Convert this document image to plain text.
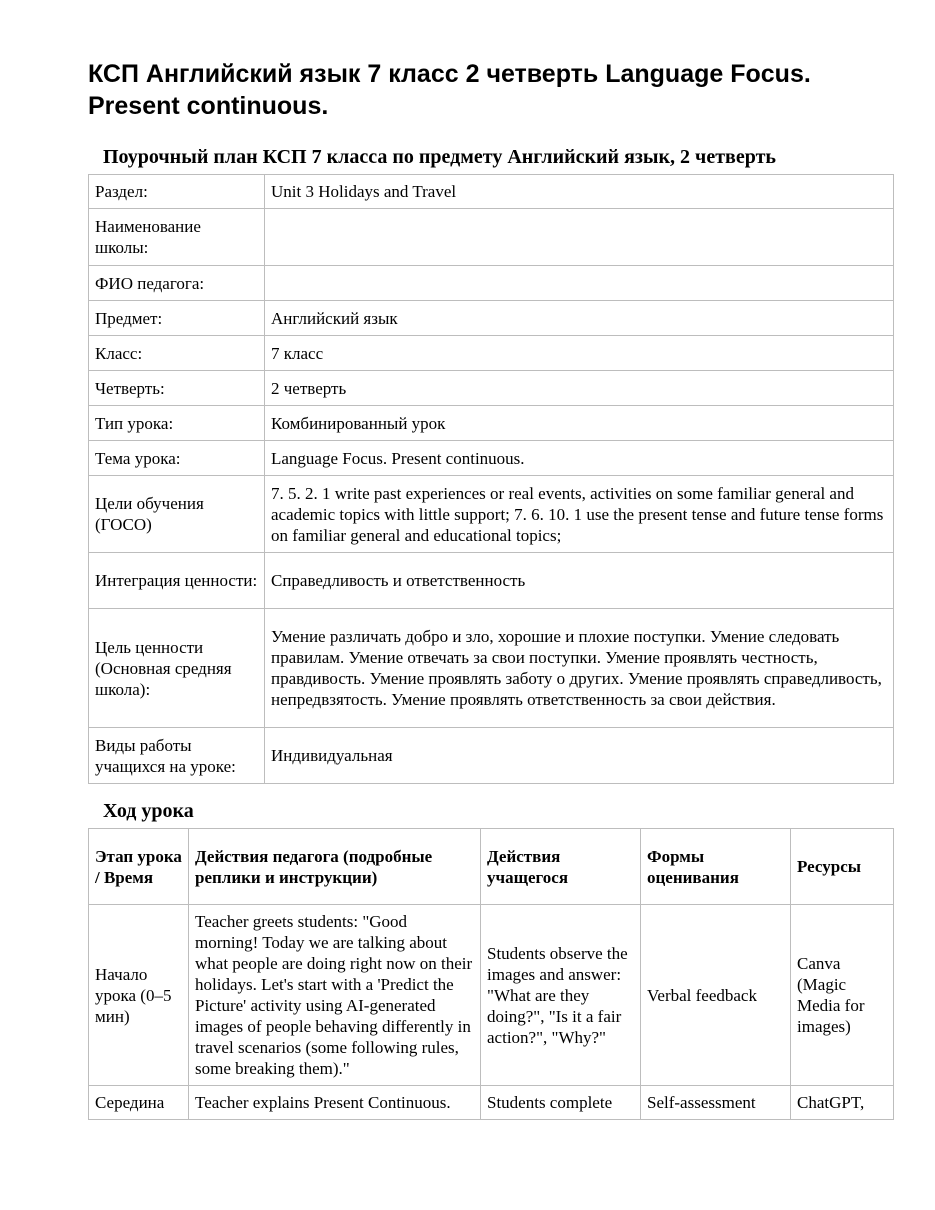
КСП Английский язык 7 класс 2 четверть Language Focus. Present continuous.
Поурочный план КСП 7 класса по предмету Английский язык, 2 четверть
Раздел:	Unit 3 Holidays and Travel
Наименование школы:	
ФИО педагога:	
Предмет:	Английский язык
Класс:	7 класс
Четверть:	2 четверть
Тип урока:	Комбинированный урок
Тема урока:	Language Focus. Present continuous.
Цели обучения (ГОСО)	7. 5. 2. 1 write past experiences or real events, activities on some familiar general and academic topics with little support; 7. 6. 10. 1 use the present tense and future tense forms on familiar general and educational topics;
Интеграция ценности:	Справедливость и ответственность
Цель ценности (Основная средняя школа):	Умение различать добро и зло, хорошие и плохие поступки. Умение следовать правилам. Умение отвечать за свои поступки. Умение проявлять честность, правдивость. Умение проявлять заботу о других. Умение проявлять справедливость, непредвзятость. Умение проявлять ответственность за свои действия.
Виды работы учащихся на уроке:	Индивидуальная
Ход урока
Этап урока / Время	Действия педагога (подробные реплики и инструкции)	Действия учащегося	Формы оценивания	Ресурсы
Начало урока (0–5 мин)	Teacher greets students: "Good morning! Today we are talking about what people are doing right now on their holidays. Let's start with a 'Predict the Picture' activity using AI-generated images of people behaving differently in travel scenarios (some following rules, some breaking them)."	Students observe the images and answer: "What are they doing?", "Is it a fair action?", "Why?"	Verbal feedback	Canva (Magic Media for images)
Середина	Teacher explains Present Continuous.	Students complete	Self-assessment	ChatGPT,
